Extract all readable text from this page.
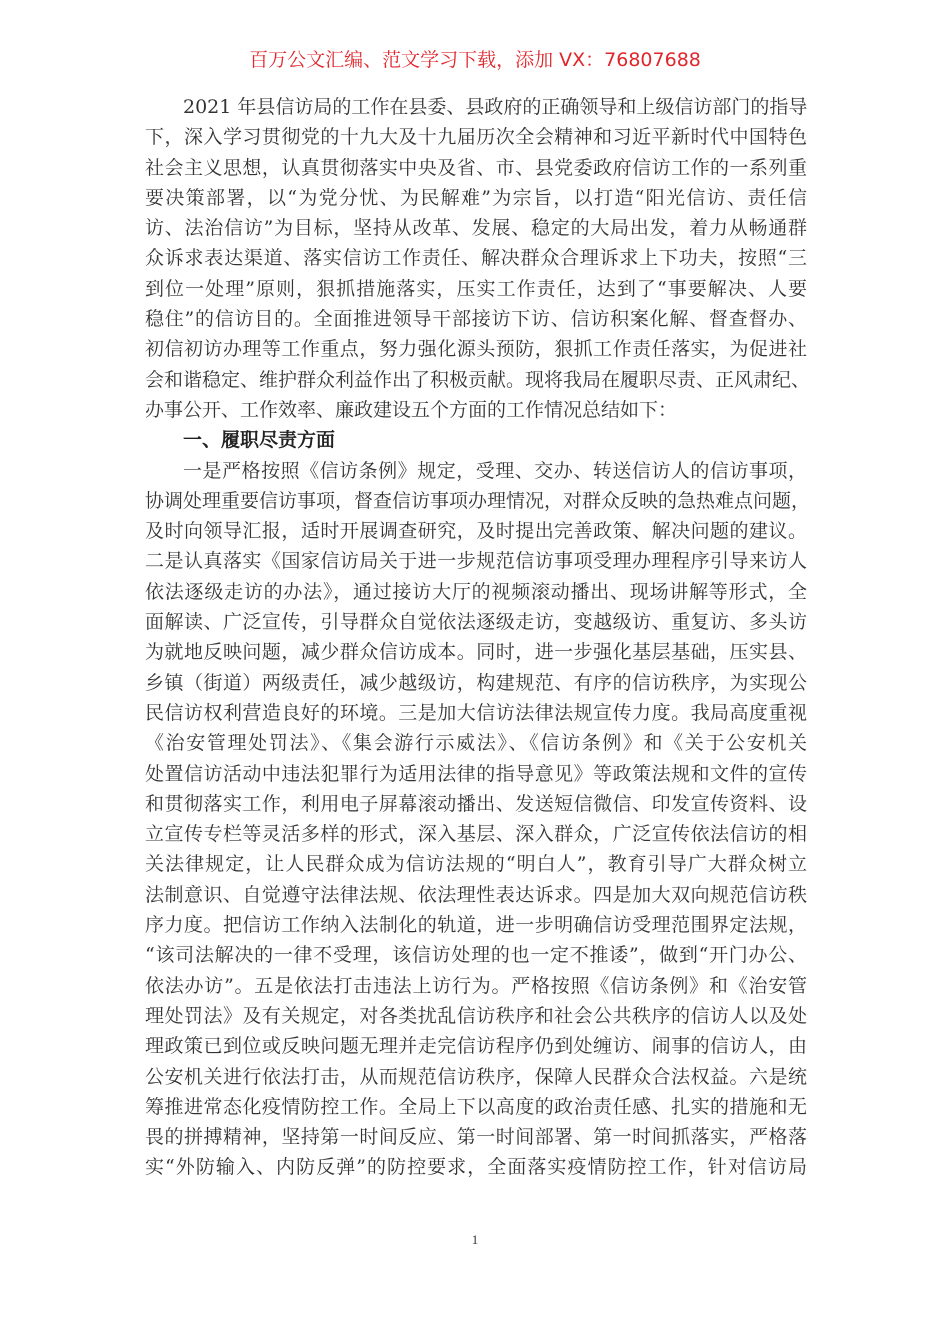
百万公文汇编、范文学习下载，添加 VX：76807688
2021 年县信访局的工作在县委、县政府的正确领导和上级信访部门的指导
下，深入学习贯彻党的十九大及十九届历次全会精神和习近平新时代中国特色
社会主义思想，认真贯彻落实中央及省、市、县党委政府信访工作的一系列重
要决策部署，以“为党分忧、为民解难”为宗旨，以打造“阳光信访、责任信
访、法治信访”为目标，坚持从改革、发展、稳定的大局出发，着力从畅通群
众诉求表达渠道、落实信访工作责任、解决群众合理诉求上下功夫，按照“三
到位一处理”原则，狠抓措施落实，压实工作责任，达到了“事要解决、人要
稳住”的信访目的。全面推进领导干部接访下访、信访积案化解、督查督办、
初信初访办理等工作重点，努力强化源头预防，狠抓工作责任落实，为促进社
会和谐稳定、维护群众利益作出了积极贡献。现将我局在履职尽责、正风肃纪、
办事公开、工作效率、廉政建设五个方面的工作情况总结如下：
一、履职尽责方面
一是严格按照《信访条例》规定，受理、交办、转送信访人的信访事项，
协调处理重要信访事项，督查信访事项办理情况，对群众反映的急热难点问题，
及时向领导汇报，适时开展调查研究，及时提出完善政策、解决问题的建议。
二是认真落实《国家信访局关于进一步规范信访事项受理办理程序引导来访人
依法逐级走访的办法》，通过接访大厅的视频滚动播出、现场讲解等形式，全
面解读、广泛宣传，引导群众自觉依法逐级走访，变越级访、重复访、多头访
为就地反映问题，减少群众信访成本。同时，进一步强化基层基础，压实县、
乡镇（街道）两级责任，减少越级访，构建规范、有序的信访秩序，为实现公
民信访权利营造良好的环境。三是加大信访法律法规宣传力度。我局高度重视
《治安管理处罚法》、《集会游行示威法》、《信访条例》和《关于公安机关
处置信访活动中违法犯罪行为适用法律的指导意见》等政策法规和文件的宣传
和贯彻落实工作，利用电子屏幕滚动播出、发送短信微信、印发宣传资料、设
立宣传专栏等灵活多样的形式，深入基层、深入群众，广泛宣传依法信访的相
关法律规定，让人民群众成为信访法规的“明白人”，教育引导广大群众树立
法制意识、自觉遵守法律法规、依法理性表达诉求。四是加大双向规范信访秩
序力度。把信访工作纳入法制化的轨道，进一步明确信访受理范围界定法规，
“该司法解决的一律不受理，该信访处理的也一定不推诿”，做到“开门办公、
依法办访”。五是依法打击违法上访行为。严格按照《信访条例》和《治安管
理处罚法》及有关规定，对各类扰乱信访秩序和社会公共秩序的信访人以及处
理政策已到位或反映问题无理并走完信访程序仍到处缠访、闹事的信访人，由
公安机关进行依法打击，从而规范信访秩序，保障人民群众合法权益。六是统
筹推进常态化疫情防控工作。全局上下以高度的政治责任感、扎实的措施和无
畏的拼搏精神，坚持第一时间反应、第一时间部署、第一时间抓落实，严格落
实“外防输入、内防反弹”的防控要求，全面落实疫情防控工作，针对信访局
1
